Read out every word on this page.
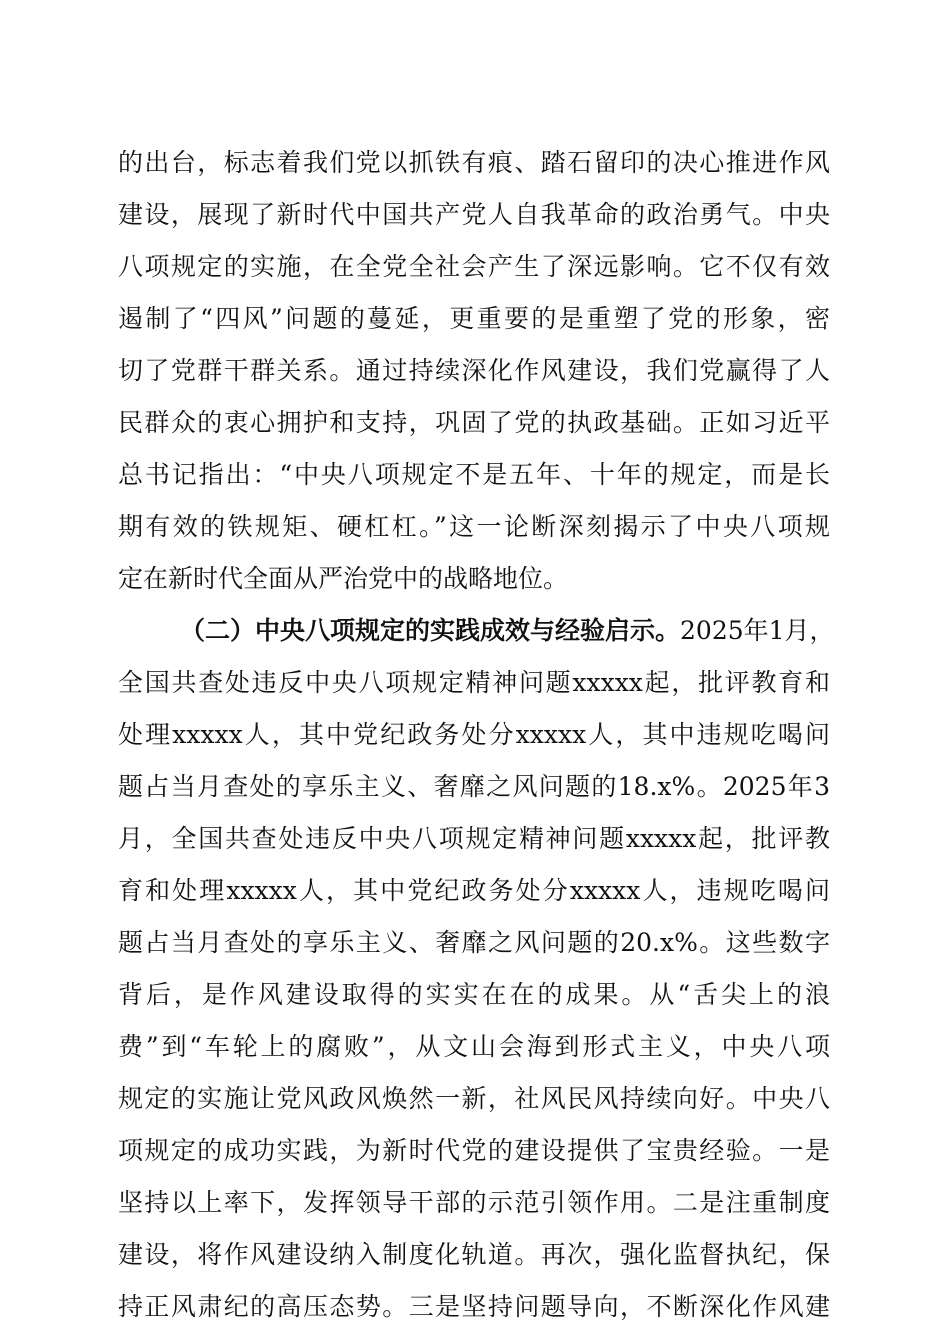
的出台，标志着我们党以抓铁有痕、踏石留印的决心推进作风
建设，展现了新时代中国共产党人自我革命的政治勇气。中央
八项规定的实施，在全党全社会产生了深远影响。它不仅有效
遏制了“四风”问题的蔓延，更重要的是重塑了党的形象，密
切了党群干群关系。通过持续深化作风建设，我们党赢得了人
民群众的衷心拥护和支持，巩固了党的执政基础。正如习近平
总书记指出：“中央八项规定不是五年、十年的规定，而是长
期有效的铁规矩、硬杠杠。”这一论断深刻揭示了中央八项规
定在新时代全面从严治党中的战略地位。
（二）中央八项规定的实践成效与经验启示。2025年1月，
全国共查处违反中央八项规定精神问题xxxxx起，批评教育和
处理xxxxx人，其中党纪政务处分xxxxx人，其中违规吃喝问
题占当月查处的享乐主义、奢靡之风问题的18.x%。2025年3
月，全国共查处违反中央八项规定精神问题xxxxx起，批评教
育和处理xxxxx人，其中党纪政务处分xxxxx人，违规吃喝问
题占当月查处的享乐主义、奢靡之风问题的20.x%。这些数字
背后，是作风建设取得的实实在在的成果。从“舌尖上的浪
费”到“车轮上的腐败”，从文山会海到形式主义，中央八项
规定的实施让党风政风焕然一新，社风民风持续向好。中央八
项规定的成功实践，为新时代党的建设提供了宝贵经验。一是
坚持以上率下，发挥领导干部的示范引领作用。二是注重制度
建设，将作风建设纳入制度化轨道。再次，强化监督执纪，保
持正风肃纪的高压态势。三是坚持问题导向，不断深化作风建
